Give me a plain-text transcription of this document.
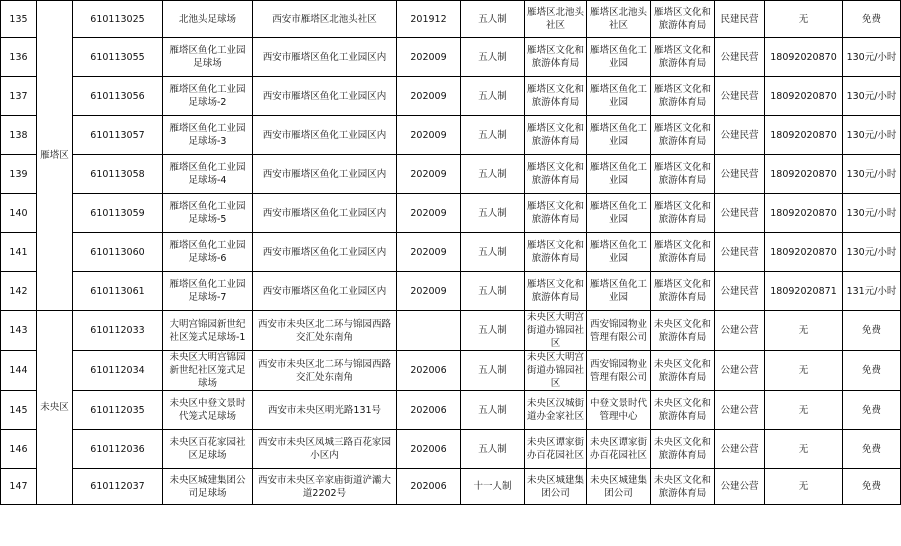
135	雁塔区	610113025	北池头足球场	西安市雁塔区北池头社区	201912	五人制	雁塔区北池头社区	雁塔区北池头社区	雁塔区文化和旅游体育局	民建民营	无	免费
136		610113055	雁塔区鱼化工业园足球场	西安市雁塔区鱼化工业园区内	202009	五人制	雁塔区文化和旅游体育局	雁塔区鱼化工业园	雁塔区文化和旅游体育局	公建民营	18092020870	130元/小时
137		610113056	雁塔区鱼化工业园足球场-2	西安市雁塔区鱼化工业园区内	202009	五人制	雁塔区文化和旅游体育局	雁塔区鱼化工业园	雁塔区文化和旅游体育局	公建民营	18092020870	130元/小时
138		610113057	雁塔区鱼化工业园足球场-3	西安市雁塔区鱼化工业园区内	202009	五人制	雁塔区文化和旅游体育局	雁塔区鱼化工业园	雁塔区文化和旅游体育局	公建民营	18092020870	130元/小时
139		610113058	雁塔区鱼化工业园足球场-4	西安市雁塔区鱼化工业园区内	202009	五人制	雁塔区文化和旅游体育局	雁塔区鱼化工业园	雁塔区文化和旅游体育局	公建民营	18092020870	130元/小时
140		610113059	雁塔区鱼化工业园足球场-5	西安市雁塔区鱼化工业园区内	202009	五人制	雁塔区文化和旅游体育局	雁塔区鱼化工业园	雁塔区文化和旅游体育局	公建民营	18092020870	130元/小时
141		610113060	雁塔区鱼化工业园足球场-6	西安市雁塔区鱼化工业园区内	202009	五人制	雁塔区文化和旅游体育局	雁塔区鱼化工业园	雁塔区文化和旅游体育局	公建民营	18092020870	130元/小时
142		610113061	雁塔区鱼化工业园足球场-7	西安市雁塔区鱼化工业园区内	202009	五人制	雁塔区文化和旅游体育局	雁塔区鱼化工业园	雁塔区文化和旅游体育局	公建民营	18092020871	131元/小时
143	未央区	610112033	大明宫锦园新世纪社区笼式足球场-1	西安市未央区北二环与锦园西路交汇处东南角		五人制	未央区大明宫街道办锦园社区	西安锦园物业管理有限公司	未央区文化和旅游体育局	公建公营	无	免费
144		610112034	未央区大明宫锦园新世纪社区笼式足球场	西安市未央区北二环与锦园西路交汇处东南角	202006	五人制	未央区大明宫街道办锦园社区	西安锦园物业管理有限公司	未央区文化和旅游体育局	公建公营	无	免费
145		610112035	未央区中登文景时代笼式足球场	西安市未央区明光路131号	202006	五人制	未央区汉城街道办金家社区	中登文景时代管理中心	未央区文化和旅游体育局	公建公营	无	免费
146		610112036	未央区百花家园社区足球场	西安市未央区凤城三路百花家园小区内	202006	五人制	未央区谭家街办百花园社区	未央区谭家街办百花园社区	未央区文化和旅游体育局	公建公营	无	免费
147		610112037	未央区城建集团公司足球场	西安市未央区辛家庙街道浐灞大道2202号	202006	十一人制	未央区城建集团公司	未央区城建集团公司	未央区文化和旅游体育局	公建公营	无	免费
